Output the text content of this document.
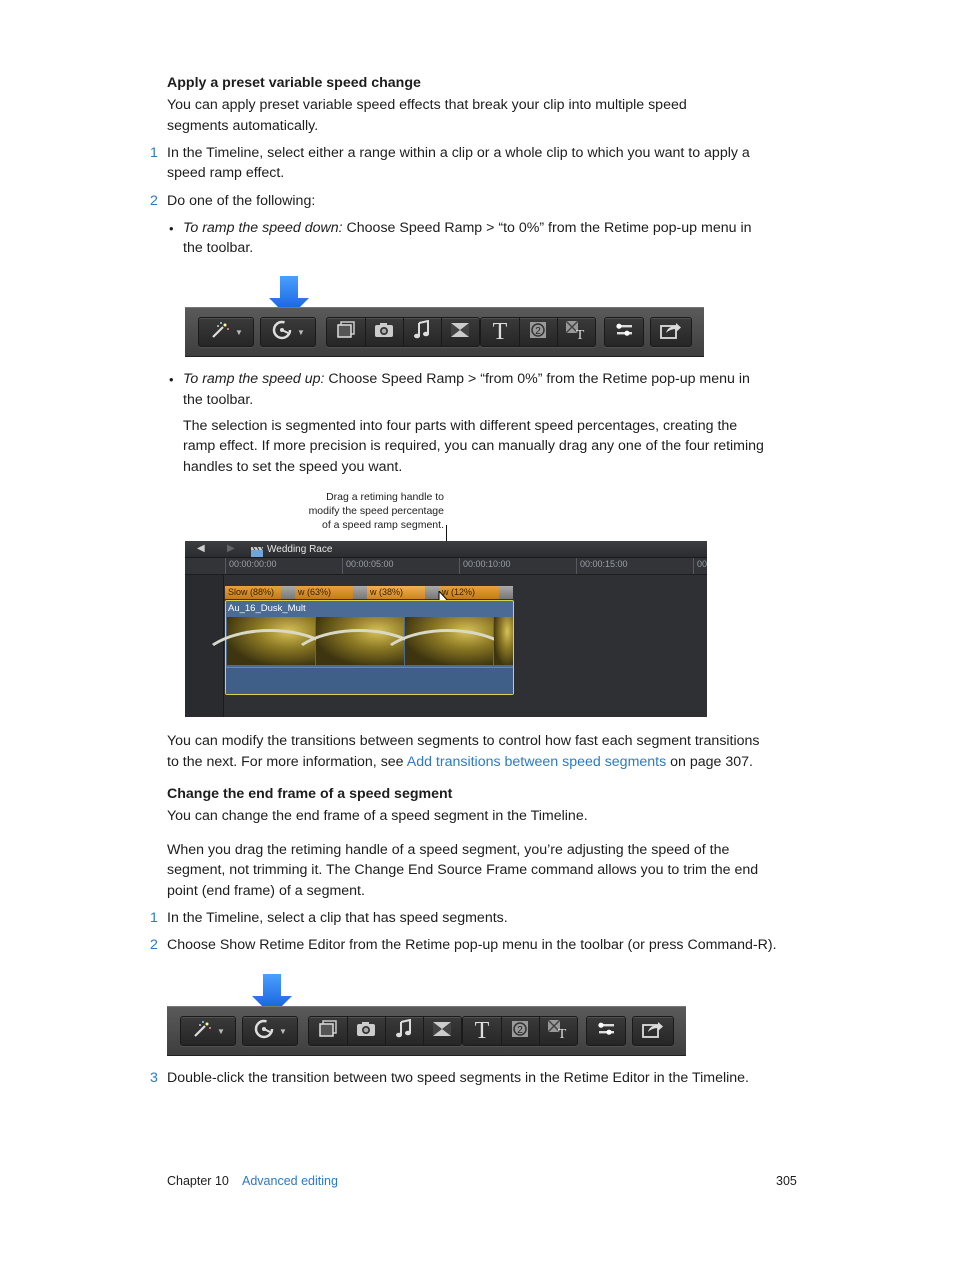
Apply a preset variable speed change
You can apply preset variable speed effects that break your clip into multiple speed
segments automatically.
1 In the Timeline, select either a range within a clip or a whole clip to which you want to apply a
speed ramp effect.
2 Do one of the following:
• To ramp the speed down: Choose Speed Ramp > “to 0%” from the Retime pop-up menu in
the toolbar.
▼	▼	T	2 T
• To ramp the speed up: Choose Speed Ramp > “from 0%” from the Retime pop-up menu in
the toolbar.
The selection is segmented into four parts with different speed percentages, creating the
ramp effect. If more precision is required, you can manually drag any one of the four retiming
handles to set the speed you want.
Drag a retiming handle to
modify the speed percentage
of a speed ramp segment.
◀ ▶	Wedding Race
00:00:00:00	00:00:05:00	00:00:10:00	00:00:15:00	00
Slow (88%)	w (63%)	w (38%)	w (12%)
Au_16_Dusk_Mult
You can modify the transitions between segments to control how fast each segment transitions
to the next. For more information, see Add transitions between speed segments on page 307.
Change the end frame of a speed segment
You can change the end frame of a speed segment in the Timeline.
When you drag the retiming handle of a speed segment, you’re adjusting the speed of the
segment, not trimming it. The Change End Source Frame command allows you to trim the end
point (end frame) of a segment.
1 In the Timeline, select a clip that has speed segments.
2 Choose Show Retime Editor from the Retime pop-up menu in the toolbar (or press Command-R).
▼	▼	T	2 T
3 Double-click the transition between two speed segments in the Retime Editor in the Timeline.
Chapter 10 Advanced editing	305
